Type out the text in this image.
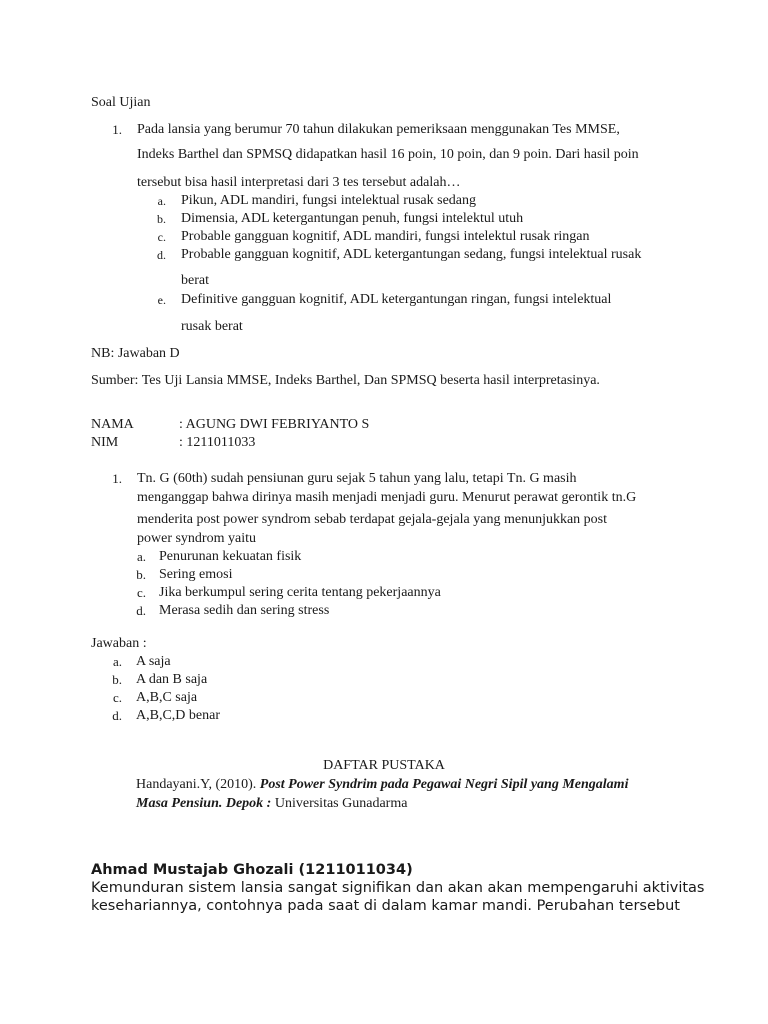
Soal Ujian
1. Pada lansia yang berumur 70 tahun dilakukan pemeriksaan menggunakan Tes MMSE,
Indeks Barthel dan SPMSQ didapatkan hasil 16 poin, 10 poin, dan 9 poin. Dari hasil poin
tersebut bisa hasil interpretasi dari 3 tes tersebut adalah…
a. Pikun, ADL mandiri, fungsi intelektual rusak sedang
b. Dimensia, ADL ketergantungan penuh, fungsi intelektul utuh
c. Probable gangguan kognitif, ADL mandiri, fungsi intelektul rusak ringan
d. Probable gangguan kognitif, ADL ketergantungan sedang, fungsi intelektual rusak
berat
e. Definitive gangguan kognitif, ADL ketergantungan ringan, fungsi intelektual
rusak berat
NB: Jawaban D
Sumber: Tes Uji Lansia MMSE, Indeks Barthel, Dan SPMSQ beserta hasil interpretasinya.
NAMA	: AGUNG DWI FEBRIYANTO S
NIM	: 1211011033
1. Tn. G (60th) sudah pensiunan guru sejak 5 tahun yang lalu, tetapi Tn. G masih
menganggap bahwa dirinya masih menjadi menjadi guru. Menurut perawat gerontik tn.G
menderita post power syndrom sebab terdapat gejala-gejala yang menunjukkan post
power syndrom yaitu
a. Penurunan kekuatan fisik
b. Sering emosi
c. Jika berkumpul sering cerita tentang pekerjaannya
d. Merasa sedih dan sering stress
Jawaban :
a. A saja
b. A dan B saja
c. A,B,C saja
d. A,B,C,D benar
DAFTAR PUSTAKA
Handayani.Y, (2010). Post Power Syndrim pada Pegawai Negri Sipil yang Mengalami
Masa Pensiun. Depok : Universitas Gunadarma
Ahmad Mustajab Ghozali (1211011034)
Kemunduran sistem lansia sangat signifikan dan akan akan mempengaruhi aktivitas
kesehariannya, contohnya pada saat di dalam kamar mandi. Perubahan tersebut
